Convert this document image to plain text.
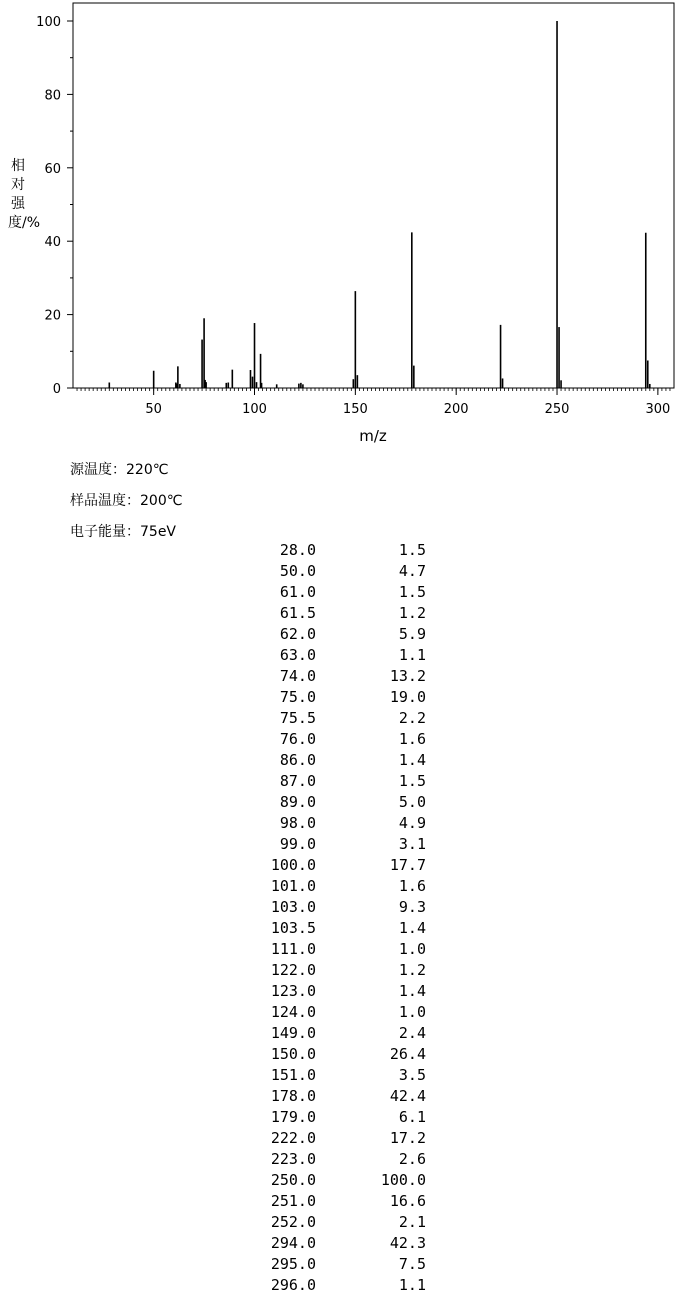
50	100	150	200	250	300
0
20
40
60
80
100
m/z
相对强度/%
源温度：220℃
样品温度：200℃
电子能量：75eV
28.0	1.5
50.0	4.7
61.0	1.5
61.5	1.2
62.0	5.9
63.0	1.1
74.0	13.2
75.0	19.0
75.5	2.2
76.0	1.6
86.0	1.4
87.0	1.5
89.0	5.0
98.0	4.9
99.0	3.1
100.0	17.7
101.0	1.6
103.0	9.3
103.5	1.4
111.0	1.0
122.0	1.2
123.0	1.4
124.0	1.0
149.0	2.4
150.0	26.4
151.0	3.5
178.0	42.4
179.0	6.1
222.0	17.2
223.0	2.6
250.0	100.0
251.0	16.6
252.0	2.1
294.0	42.3
295.0	7.5
296.0	1.1
